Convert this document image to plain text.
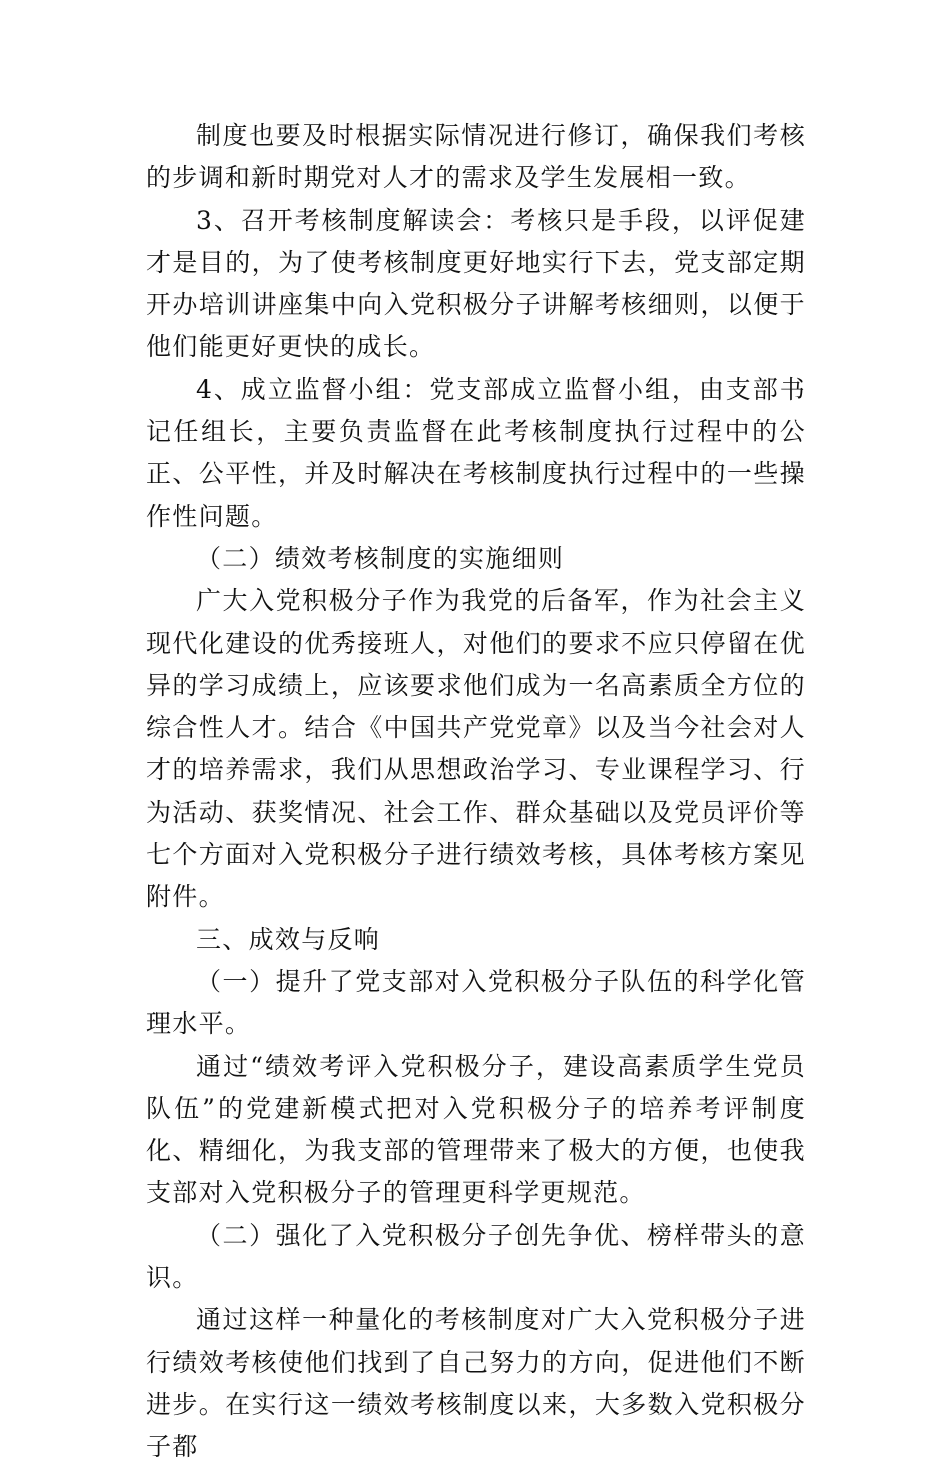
制度也要及时根据实际情况进行修订，确保我们考核的步调和新时期党对人才的需求及学生发展相一致。

3、召开考核制度解读会：考核只是手段，以评促建才是目的，为了使考核制度更好地实行下去，党支部定期开办培训讲座集中向入党积极分子讲解考核细则，以便于他们能更好更快的成长。

4、成立监督小组：党支部成立监督小组，由支部书记任组长，主要负责监督在此考核制度执行过程中的公正、公平性，并及时解决在考核制度执行过程中的一些操作性问题。

（二）绩效考核制度的实施细则

广大入党积极分子作为我党的后备军，作为社会主义现代化建设的优秀接班人，对他们的要求不应只停留在优异的学习成绩上，应该要求他们成为一名高素质全方位的综合性人才。结合《中国共产党党章》以及当今社会对人才的培养需求，我们从思想政治学习、专业课程学习、行为活动、获奖情况、社会工作、群众基础以及党员评价等七个方面对入党积极分子进行绩效考核，具体考核方案见附件。

三、成效与反响

（一）提升了党支部对入党积极分子队伍的科学化管理水平。

通过“绩效考评入党积极分子，建设高素质学生党员队伍”的党建新模式把对入党积极分子的培养考评制度化、精细化，为我支部的管理带来了极大的方便，也使我支部对入党积极分子的管理更科学更规范。

（二）强化了入党积极分子创先争优、榜样带头的意识。

通过这样一种量化的考核制度对广大入党积极分子进行绩效考核使他们找到了自己努力的方向，促进他们不断进步。在实行这一绩效考核制度以来，大多数入党积极分子都
